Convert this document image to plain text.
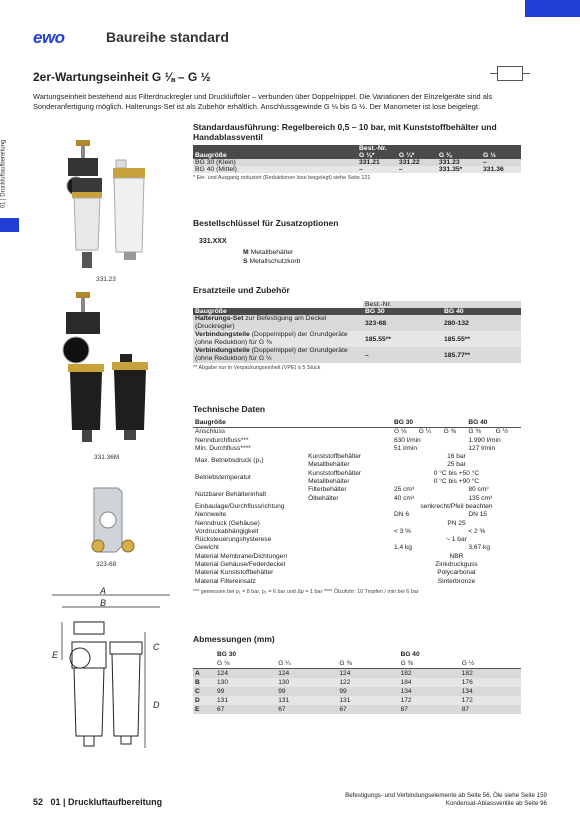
ewo	Baureihe standard
2er-Wartungseinheit G ⅛ – G ½
Wartungseinheit bestehend aus Filterdruckregler und Drucklufföler – verbunden über Doppelnippel. Die Variationen der Einzelgeräte sind als Sonderanfertigung möglich. Halterungs-Set ist als Zubehör erhältlich. Anschlussgewinde G ⅛ bis G ½. Der Manometer ist lose beigelegt.
01 | Druckluftaufbereitung
331.23
331.36M
323-68
A
B
C
D
E
Standardausführung: Regelbereich 0,5 – 10 bar, mit Kunststoffbehälter und Handablassventil
Baugröße	Best.-Nr.			
	G ⅛*	G ¼*	G ⅜	G ½
BG 30 (Klein)	331.21	331.22	331.23	–
BG 40 (Mittel)	–	–	331.35*	331.36
* Ein- und Ausgang reduziert (Reduktionen lose beigelegt) siehe Seite 121
Bestellschlüssel für Zusatzoptionen
331.XXX
M Metallbehälter
S Metallschutzkorb
Ersatzteile und Zubehör
	Best.-Nr.	
Baugröße	BG 30	BG 40
Halterungs-Set zur Befestigung am Deckel
(Druckregler)	323-68	280-132
Verbindungsteile (Doppelnippel) der Grundgeräte
(ohne Reduktion) für G ⅜	185.55**	185.55**
Verbindungsteile (Doppelnippel) der Grundgeräte
(ohne Reduktion) für G ½	–	185.77**
** Abgabe nur in Verpackungseinheit (VPE) à 5 Stück
Technische Daten
Baugröße		BG 30			BG 40	
Anschluss		G ⅛	G ¼	G ⅜	G ⅜	G ½
Nenndurchfluss***		630 l/min			1.990 l/min	
Min. Durchfluss****		51 l/min			127 l/min	
Max. Betriebsdruck (p₁)	Kunststoffbehälter	16 bar				
	Metallbehälter	25 bar				
Betriebstemperatur	Kunststoffbehälter	0 °C bis +50 °C				
	Metallbehälter	0 °C bis +90 °C				
Nutzbarer Behälterinhalt	Filterbehälter	25 cm³			80 cm³	
	Ölbehälter	40 cm³			135 cm³	
Einbaulage/Durchflussrichtung		senkrecht/Pfeil beachten				
Nennweite		DN 6			DN 15	
Nenndruck (Gehäuse)		PN 25				
Vordruckabhängigkeit		< 3 %			< 2 %	
Rücksteuerungshysterese		~ 1 bar				
Gewicht		1,4 kg			3,67 kg	
Material Membrane/Dichtungen		NBR				
Material Gehäuse/Federdeckel		Zinkdruckguss				
Material Kunststoffbehälter		Polycarbonat				
Material Filtereinsatz		Sinterbronze				
*** gemessen bei p₁ = 8 bar, p₂ = 6 bar und Δp = 1 bar **** Ölzufuhr: 10 Tropfen / min bei 6 bar
Abmessungen (mm)
	BG 30			BG 40	
	G ⅛	G ¼	G ⅜	G ⅜	G ½
A	124	124	124	182	182
B	130	130	122	184	176
C	99	99	99	134	134
D	131	131	131	172	172
E	67	67	67	87	87
52 01 | Druckluftaufbereitung
Befestigungs- und Verbindungselemente ab Seite 56, Öle siehe Seite 159
Kondensat-Ablassventile ab Seite 96
